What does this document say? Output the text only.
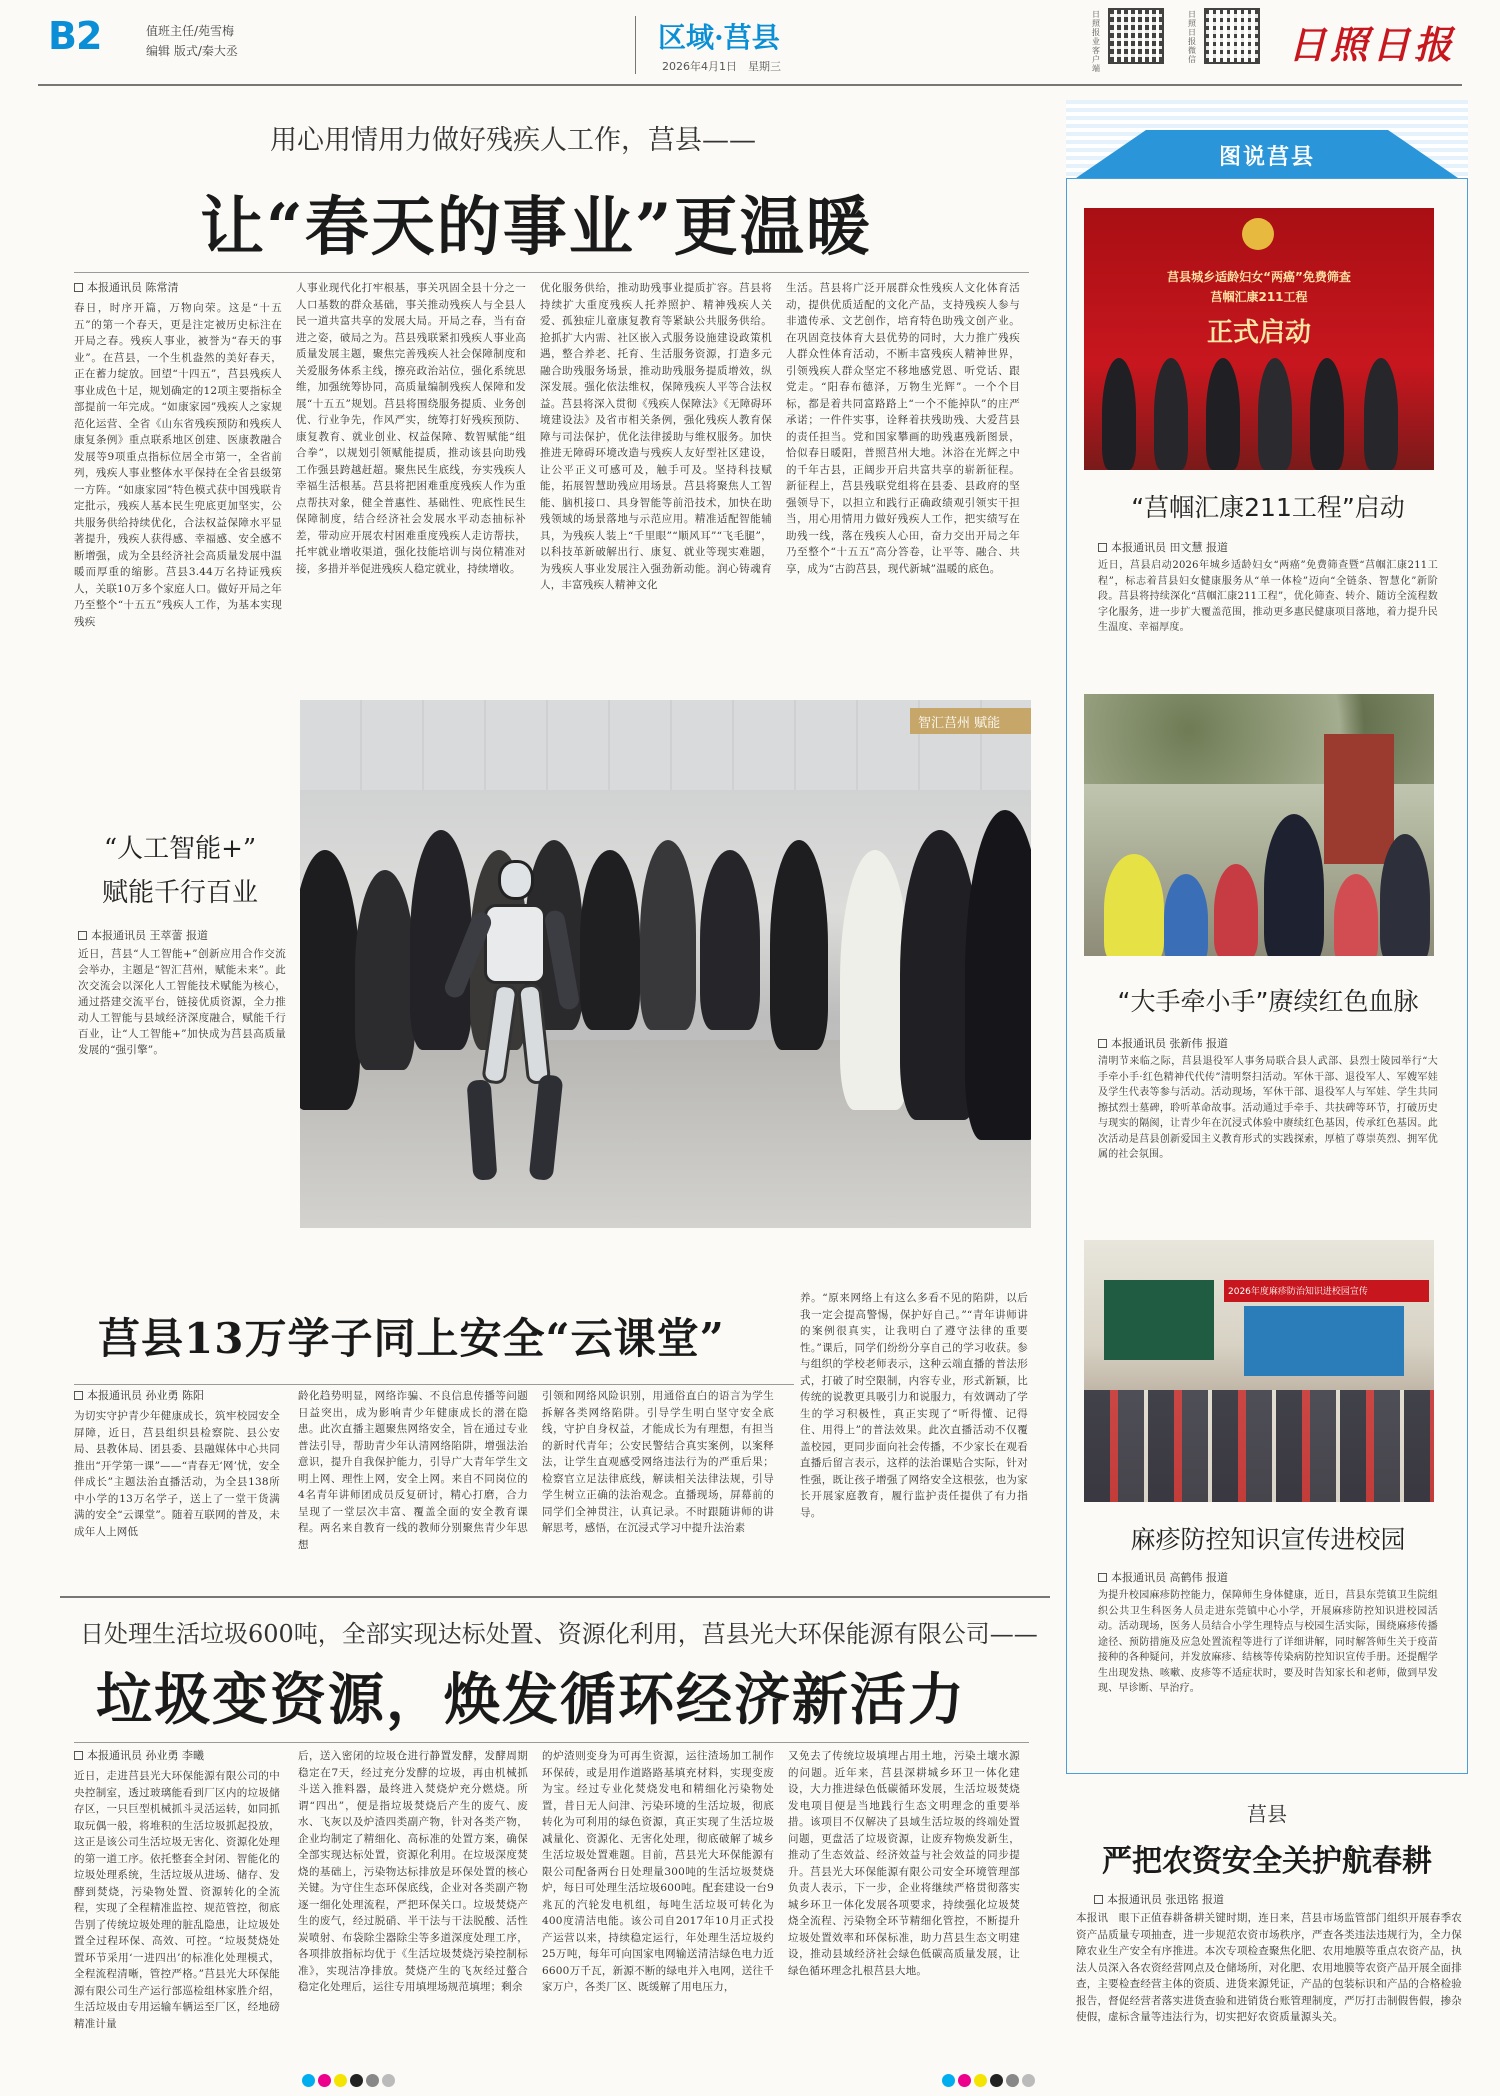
B2	值班主任/苑雪梅
编辑 版式/秦大丞	区域·莒县
2026年4月1日　星期三
日照报业客户端
日照日报微信 日照日报
用心用情用力做好残疾人工作，莒县——
让“春天的事业”更温暖
本报通讯员 陈常清
春日，时序开篇，万物向荣。这是“十五五”的第一个春天，更是注定被历史标注在开局之春。残疾人事业，被誉为“春天的事业”。在莒县，一个生机盎然的美好春天，正在蓄力绽放。回望“十四五”，莒县残疾人事业成色十足，规划确定的12项主要指标全部提前一年完成。“如康家园”残疾人之家规范化运营、全省《山东省残疾预防和残疾人康复条例》重点联系地区创建、医康教融合发展等9项重点指标位居全市第一，全省前列，残疾人事业整体水平保持在全省县级第一方阵。“如康家园”特色模式获中国残联肯定批示，残疾人基本民生兜底更加坚实，公共服务供给持续优化，合法权益保障水平显著提升，残疾人获得感、幸福感、安全感不断增强，成为全县经济社会高质量发展中温暖而厚重的缩影。莒县3.44万名持证残疾人，关联10万多个家庭人口。做好开局之年乃至整个“十五五”残疾人工作，为基本实现残疾
人事业现代化打牢根基，事关巩固全县十分之一人口基数的群众基础，事关推动残疾人与全县人民一道共富共享的发展大局。开局之春，当有奋进之姿，破局之为。莒县残联紧扣残疾人事业高质量发展主题，聚焦完善残疾人社会保障制度和关爱服务体系主线，擦亮政治站位，强化系统思维，加强统筹协同，高质量编制残疾人保障和发展“十五五”规划。莒县将围绕服务提质、业务创优、行业争先，作风严实，统筹打好残疾预防、康复教育、就业创业、权益保障、数智赋能“组合拳”，以规划引领赋能提质，推动该县向助残工作强县跨越赶超。聚焦民生底线，夯实残疾人幸福生活根基。莒县将把困难重度残疾人作为重点帮扶对象，健全普惠性、基础性、兜底性民生保障制度，结合经济社会发展水平动态抽标补差，带动应开展农村困难重度残疾人走访帮扶，托牢就业增收渠道，强化技能培训与岗位精准对接，多措并举促进残疾人稳定就业，持续增收。
优化服务供给，推动助残事业提质扩容。莒县将持续扩大重度残疾人托养照护、精神残疾人关爱、孤独症儿童康复教育等紧缺公共服务供给。抢抓扩大内需、社区嵌入式服务设施建设政策机遇，整合养老、托育、生活服务资源，打造多元融合助残服务场景，推动助残服务提质增效，纵深发展。强化依法维权，保障残疾人平等合法权益。莒县将深入贯彻《残疾人保障法》《无障碍环境建设法》及省市相关条例，强化残疾人教育保障与司法保护，优化法律援助与维权服务。加快推进无障碍环境改造与残疾人友好型社区建设，让公平正义可感可及，触手可及。坚持科技赋能，拓展智慧助残应用场景。莒县将聚焦人工智能、脑机接口、具身智能等前沿技术，加快在助残领域的场景落地与示范应用。精准适配智能辅具，为残疾人装上“千里眼”“顺风耳”“飞毛腿”，以科技革新破解出行、康复、就业等现实难题，为残疾人事业发展注入强劲新动能。润心铸魂育人，丰富残疾人精神文化
生活。莒县将广泛开展群众性残疾人文化体育活动，提供优质适配的文化产品，支持残疾人参与非遗传承、文艺创作，培育特色助残文创产业。在巩固竞技体育大县优势的同时，大力推广残疾人群众性体育活动，不断丰富残疾人精神世界，引领残疾人群众坚定不移地感党恩、听党话、跟党走。“阳春布德泽，万物生光辉”。一个个目标，都是着共同富路路上“一个不能掉队”的庄严承诺；一件件实事，诠释着扶残助残、大爱莒县的责任担当。党和国家攀画的助残惠残新图景，恰似春日暖阳，普照莒州大地。沐浴在光辉之中的千年古县，正阔步开启共富共享的崭新征程。新征程上，莒县残联党组将在县委、县政府的坚强领导下，以担立和践行正确政绩观引领实干担当，用心用情用力做好残疾人工作，把实绩写在助残一线，落在残疾人心田，奋力交出开局之年乃至整个“十五五”高分答卷，让平等、融合、共享，成为“古韵莒县，现代新城”温暖的底色。
“人工智能+”
赋能千行百业
本报通讯员 王萃蕾 报道
近日，莒县“人工智能+”创新应用合作交流会举办，主题是“智汇莒州，赋能未来”。此次交流会以深化人工智能技术赋能为核心，通过搭建交流平台，链接优质资源，全力推动人工智能与县域经济深度融合，赋能千行百业，让“人工智能+”加快成为莒县高质量发展的“强引擎”。
智汇莒州 赋能
莒县13万学子同上安全“云课堂”
本报通讯员 孙业勇 陈阳
为切实守护青少年健康成长，筑牢校园安全屏障，近日，莒县组织县检察院、县公安局、县教体局、团县委、县融媒体中心共同推出“开学第一课”——“青春无‘网’忧，安全伴成长”主题法治直播活动，为全县138所中小学的13万名学子，送上了一堂干货满满的安全“云课堂”。随着互联网的普及，未成年人上网低
龄化趋势明显，网络诈骗、不良信息传播等问题日益突出，成为影响青少年健康成长的潜在隐患。此次直播主题聚焦网络安全，旨在通过专业普法引导，帮助青少年认清网络陷阱，增强法治意识，提升自我保护能力，引导广大青年学生文明上网、理性上网，安全上网。来自不同岗位的4名青年讲师团成员反复研讨，精心打磨，合力呈现了一堂层次丰富、覆盖全面的安全教育课程。两名来自教育一线的教师分别聚焦青少年思想
引领和网络风险识别，用通俗直白的语言为学生拆解各类网络陷阱。引导学生明白坚守安全底线，守护自身权益，才能成长为有理想，有担当的新时代青年；公安民警结合真实案例，以案释法，让学生直观感受网络违法行为的严重后果；检察官立足法律底线，解读相关法律法规，引导学生树立正确的法治观念。直播现场，屏幕前的同学们全神贯注，认真记录。不时跟随讲师的讲解思考，感悟，在沉浸式学习中提升法治素
养。“原来网络上有这么多看不见的陷阱，以后我一定会提高警惕，保护好自己。”“青年讲师讲的案例很真实，让我明白了遵守法律的重要性。”课后，同学们纷纷分享自己的学习收获。参与组织的学校老师表示，这种云端直播的普法形式，打破了时空限制，内容专业，形式新颖，比传统的说教更具吸引力和说服力，有效调动了学生的学习积极性，真正实现了“听得懂、记得住、用得上”的普法效果。此次直播活动不仅覆盖校园，更同步面向社会传播，不少家长在观看直播后留言表示，这样的法治课贴合实际，针对性强，既让孩子增强了网络安全这根弦，也为家长开展家庭教育，履行监护责任提供了有力指导。
日处理生活垃圾600吨，全部实现达标处置、资源化利用，莒县光大环保能源有限公司——
垃圾变资源，焕发循环经济新活力
本报通讯员 孙业勇 李曦
近日，走进莒县光大环保能源有限公司的中央控制室，透过玻璃能看到厂区内的垃圾储存区，一只巨型机械抓斗灵活运转，如同抓取玩偶一般，将堆积的生活垃圾抓起投放，这正是该公司生活垃圾无害化、资源化处理的第一道工序。依托整套全封闭、智能化的垃圾处理系统，生活垃圾从进场、储存、发酵到焚烧，污染物处置、资源转化的全流程，实现了全程精准监控、规范管控，彻底告别了传统垃圾处理的脏乱隐患，让垃圾处置全过程环保、高效、可控。“垃圾焚烧处置环节采用‘一进四出’的标准化处理模式，全程流程清晰，管控严格。”莒县光大环保能源有限公司生产运行部巡检组林家胜介绍，生活垃圾由专用运输车辆运至厂区，经地磅精准计量
后，送入密闭的垃圾仓进行静置发酵，发酵周期稳定在7天，经过充分发酵的垃圾，再由机械抓斗送入推料器，最终进入焚烧炉充分燃烧。所谓“四出”，便是指垃圾焚烧后产生的废气、废水、飞灰以及炉渣四类副产物，针对各类产物，企业均制定了精细化、高标准的处置方案，确保全部实现达标处置，资源化利用。在垃圾深度焚烧的基础上，污染物达标排放是环保处置的核心关键。为守住生态环保底线，企业对各类副产物逐一细化处理流程，严把环保关口。垃圾焚烧产生的废气，经过脱硝、半干法与干法脱酸、活性炭喷射、布袋除尘器除尘等多道深度处理工序，各项排放指标均优于《生活垃圾焚烧污染控制标准》，实现洁净排放。焚烧产生的飞灰经过螯合稳定化处理后，运往专用填埋场规范填埋；剩余
的炉渣则变身为可再生资源，运往渣场加工制作环保砖，或是用作道路路基填充材料，实现变废为宝。经过专业化焚烧发电和精细化污染物处置，昔日无人问津、污染环境的生活垃圾，彻底转化为可利用的绿色资源，真正实现了生活垃圾减量化、资源化、无害化处理，彻底破解了城乡生活垃圾处置难题。目前，莒县光大环保能源有限公司配备两台日处理量300吨的生活垃圾焚烧炉，每日可处理生活垃圾600吨。配套建设一台9兆瓦的汽轮发电机组，每吨生活垃圾可转化为400度清洁电能。该公司自2017年10月正式投产运营以来，持续稳定运行，年处理生活垃圾约25万吨，每年可向国家电网输送清洁绿色电力近6600万千瓦，新源不断的绿电并入电网，送往千家万户，各类厂区、既缓解了用电压力，
又免去了传统垃圾填埋占用土地，污染土壤水源的问题。近年来，莒县深耕城乡环卫一体化建设，大力推进绿色低碳循环发展，生活垃圾焚烧发电项目便是当地践行生态文明理念的重要举措。该项目不仅解决了县域生活垃圾的终端处置问题，更盘活了垃圾资源，让废弃物焕发新生，推动了生态效益、经济效益与社会效益的同步提升。莒县光大环保能源有限公司安全环境管理部负责人表示，下一步，企业将继续严格贯彻落实城乡环卫一体化发展各项要求，持续强化垃圾焚烧全流程、污染物全环节精细化管控，不断提升垃圾处置效率和环保标准，助力莒县生态文明建设，推动县域经济社会绿色低碳高质量发展，让绿色循环理念扎根莒县大地。
图说莒县
莒县城乡适龄妇女“两癌”免费筛查
莒帼汇康211工程
正式启动
“莒帼汇康211工程”启动
本报通讯员 田文慧 报道
近日，莒县启动2026年城乡适龄妇女“两癌”免费筛查暨“莒帼汇康211工程”，标志着莒县妇女健康服务从“单一体检”迈向“全链条、智慧化”新阶段。莒县将持续深化“莒帼汇康211工程”，优化筛查、转介、随访全流程数字化服务，进一步扩大覆盖范围，推动更多惠民健康项目落地，着力提升民生温度、幸福厚度。
“大手牵小手”赓续红色血脉
本报通讯员 张新伟 报道
清明节来临之际，莒县退役军人事务局联合县人武部、县烈士陵园举行“大手牵小手·红色精神代代传”清明祭扫活动。军休干部、退役军人、军嫂军娃及学生代表等参与活动。活动现场，军休干部、退役军人与军娃、学生共同擦拭烈士墓碑，聆听革命故事。活动通过手牵手、共扶碑等环节，打破历史与现实的隔阂，让青少年在沉浸式体验中赓续红色基因，传承红色基因。此次活动是莒县创新爱国主义教育形式的实践探索，厚植了尊崇英烈、拥军优属的社会氛围。
2026年度麻疹防治知识进校园宣传
麻疹防控知识宣传进校园
本报通讯员 高鹤伟 报道
为提升校园麻疹防控能力，保障师生身体健康，近日，莒县东莞镇卫生院组织公共卫生科医务人员走进东莞镇中心小学，开展麻疹防控知识进校园活动。活动现场，医务人员结合小学生理特点与校园生活实际，围绕麻疹传播途径、预防措施及应急处置流程等进行了详细讲解，同时解答师生关于疫苗接种的各种疑问，并发放麻疹、结核等传染病防控知识宣传手册。还提醒学生出现发热、咳嗽、皮疹等不适症状时，要及时告知家长和老师，做到早发现、早诊断、早治疗。
莒县
严把农资安全关护航春耕
本报通讯员 张迅铭 报道
本报讯　眼下正值春耕备耕关键时期，连日来，莒县市场监管部门组织开展春季农资产品质量专项抽查，进一步规范农资市场秩序，严查各类违法违规行为，全力保障农业生产安全有序推进。本次专项检查聚焦化肥、农用地膜等重点农资产品，执法人员深入各农资经营网点及仓储场所，对化肥、农用地膜等农资产品开展全面排查，主要检查经营主体的资质、进货来源凭证，产品的包装标识和产品的合格检验报告，督促经营者落实进货查验和进销货台账管理制度，严厉打击制假售假，掺杂使假，虚标含量等违法行为，切实把好农资质量源头关。
